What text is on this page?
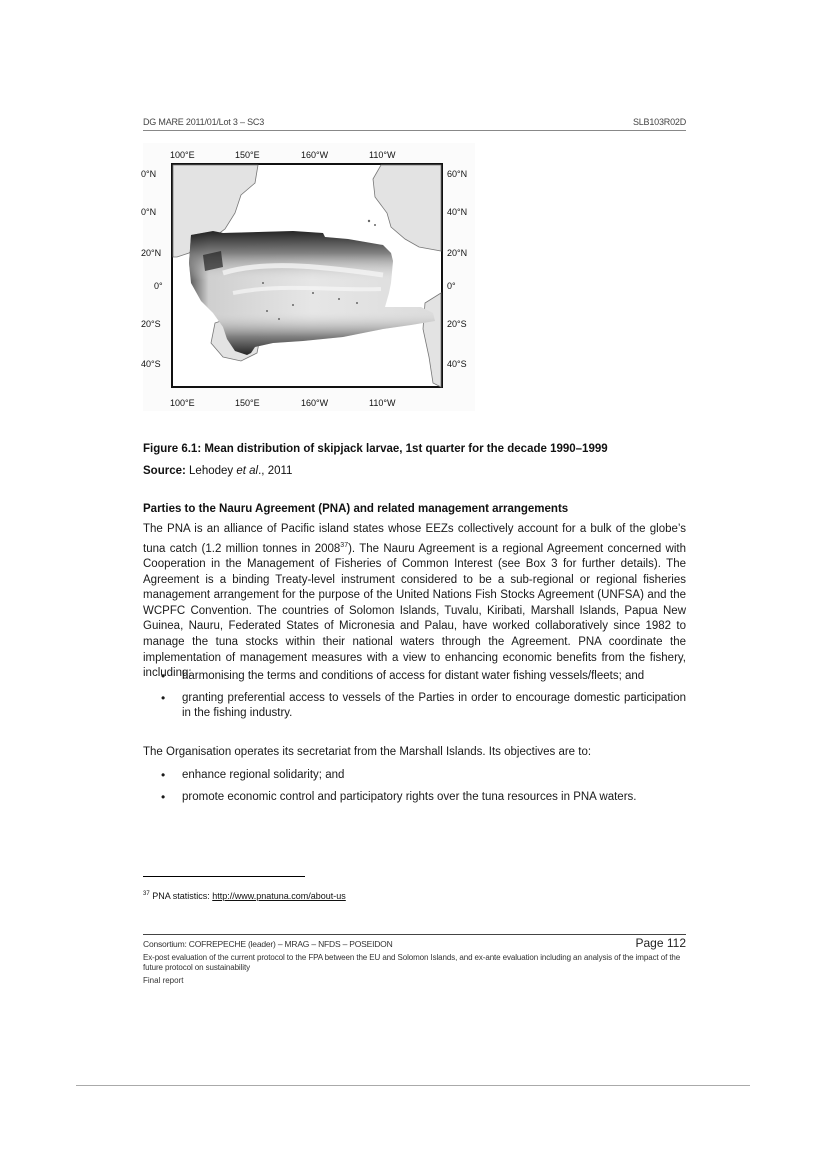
DG MARE 2011/01/Lot 3 – SC3	SLB103R02D
100°E	150°E	160°W	110°W
100°E	150°E	160°W	110°W
0°N
0°N
20°N
0°
20°S
40°S
60°N
40°N
20°N
0°
20°S
40°S
Figure 6.1: Mean distribution of skipjack larvae, 1st quarter for the decade 1990–1999
Source: Lehodey et al., 2011
Parties to the Nauru Agreement (PNA) and related management arrangements

The PNA is an alliance of Pacific island states whose EEZs collectively account for a bulk of the globe’s tuna catch (1.2 million tonnes in 2008$^{37}$). The Nauru Agreement is a regional Agreement concerned with Cooperation in the Management of Fisheries of Common Interest (see Box 3 for further details). The Agreement is a binding Treaty-level instrument considered to be a sub-regional or regional fisheries management arrangement for the purpose of the United Nations Fish Stocks Agreement (UNFSA) and the WCPFC Convention. The countries of Solomon Islands, Tuvalu, Kiribati, Marshall Islands, Papua New Guinea, Nauru, Federated States of Micronesia and Palau, have worked collaboratively since 1982 to manage the tuna stocks within their national waters through the Agreement. PNA coordinate the implementation of management measures with a view to enhancing economic benefits from the fishery, including:

• harmonising the terms and conditions of access for distant water fishing vessels/fleets; and
• granting preferential access to vessels of the Parties in order to encourage domestic participation in the fishing industry.

The Organisation operates its secretariat from the Marshall Islands. Its objectives are to:

• enhance regional solidarity; and
• promote economic control and participatory rights over the tuna resources in PNA waters.
$^{37}$ PNA statistics: http://www.pnatuna.com/about-us
Consortium: COFREPECHE (leader) – MRAG – NFDS – POSEIDON	Page 112
Ex-post evaluation of the current protocol to the FPA between the EU and Solomon Islands, and ex-ante evaluation including an analysis of the impact of the future protocol on sustainability
Final report
